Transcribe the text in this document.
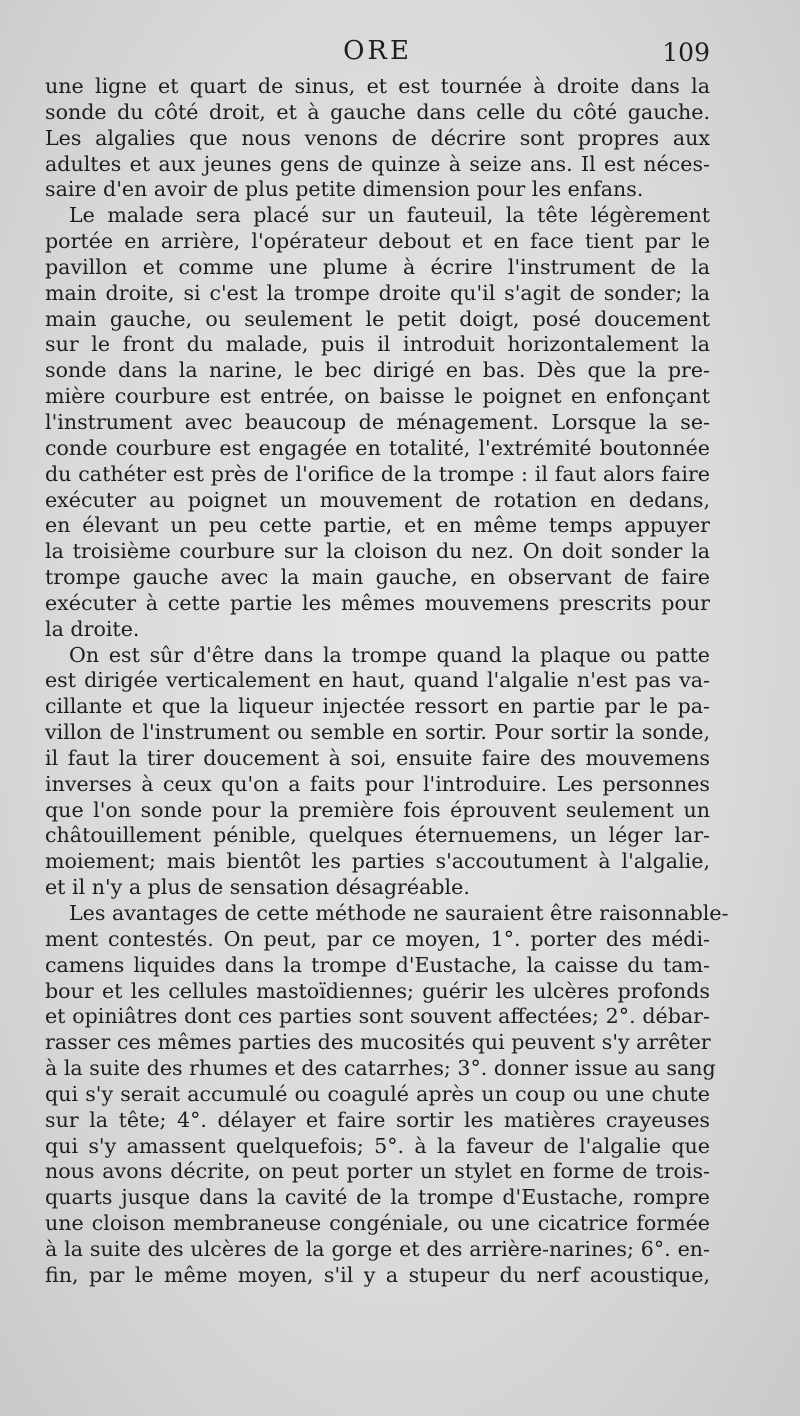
ORE	109
une ligne et quart de sinus, et est tournée à droite dans la
sonde du côté droit, et à gauche dans celle du côté gauche.
Les algalies que nous venons de décrire sont propres aux
adultes et aux jeunes gens de quinze à seize ans. Il est néces-
saire d'en avoir de plus petite dimension pour les enfans.
Le malade sera placé sur un fauteuil, la tête légèrement
portée en arrière, l'opérateur debout et en face tient par le
pavillon et comme une plume à écrire l'instrument de la
main droite, si c'est la trompe droite qu'il s'agit de sonder; la
main gauche, ou seulement le petit doigt, posé doucement
sur le front du malade, puis il introduit horizontalement la
sonde dans la narine, le bec dirigé en bas. Dès que la pre-
mière courbure est entrée, on baisse le poignet en enfonçant
l'instrument avec beaucoup de ménagement. Lorsque la se-
conde courbure est engagée en totalité, l'extrémité boutonnée
du cathéter est près de l'orifice de la trompe : il faut alors faire
exécuter au poignet un mouvement de rotation en dedans,
en élevant un peu cette partie, et en même temps appuyer
la troisième courbure sur la cloison du nez. On doit sonder la
trompe gauche avec la main gauche, en observant de faire
exécuter à cette partie les mêmes mouvemens prescrits pour
la droite.
On est sûr d'être dans la trompe quand la plaque ou patte
est dirigée verticalement en haut, quand l'algalie n'est pas va-
cillante et que la liqueur injectée ressort en partie par le pa-
villon de l'instrument ou semble en sortir. Pour sortir la sonde,
il faut la tirer doucement à soi, ensuite faire des mouvemens
inverses à ceux qu'on a faits pour l'introduire. Les personnes
que l'on sonde pour la première fois éprouvent seulement un
châtouillement pénible, quelques éternuemens, un léger lar-
moiement; mais bientôt les parties s'accoutument à l'algalie,
et il n'y a plus de sensation désagréable.
Les avantages de cette méthode ne sauraient être raisonnable-
ment contestés. On peut, par ce moyen, 1°. porter des médi-
camens liquides dans la trompe d'Eustache, la caisse du tam-
bour et les cellules mastoïdiennes; guérir les ulcères profonds
et opiniâtres dont ces parties sont souvent affectées; 2°. débar-
rasser ces mêmes parties des mucosités qui peuvent s'y arrêter
à la suite des rhumes et des catarrhes; 3°. donner issue au sang
qui s'y serait accumulé ou coagulé après un coup ou une chute
sur la tête; 4°. délayer et faire sortir les matières crayeuses
qui s'y amassent quelquefois; 5°. à la faveur de l'algalie que
nous avons décrite, on peut porter un stylet en forme de trois-
quarts jusque dans la cavité de la trompe d'Eustache, rompre
une cloison membraneuse congéniale, ou une cicatrice formée
à la suite des ulcères de la gorge et des arrière-narines; 6°. en-
fin, par le même moyen, s'il y a stupeur du nerf acoustique,
